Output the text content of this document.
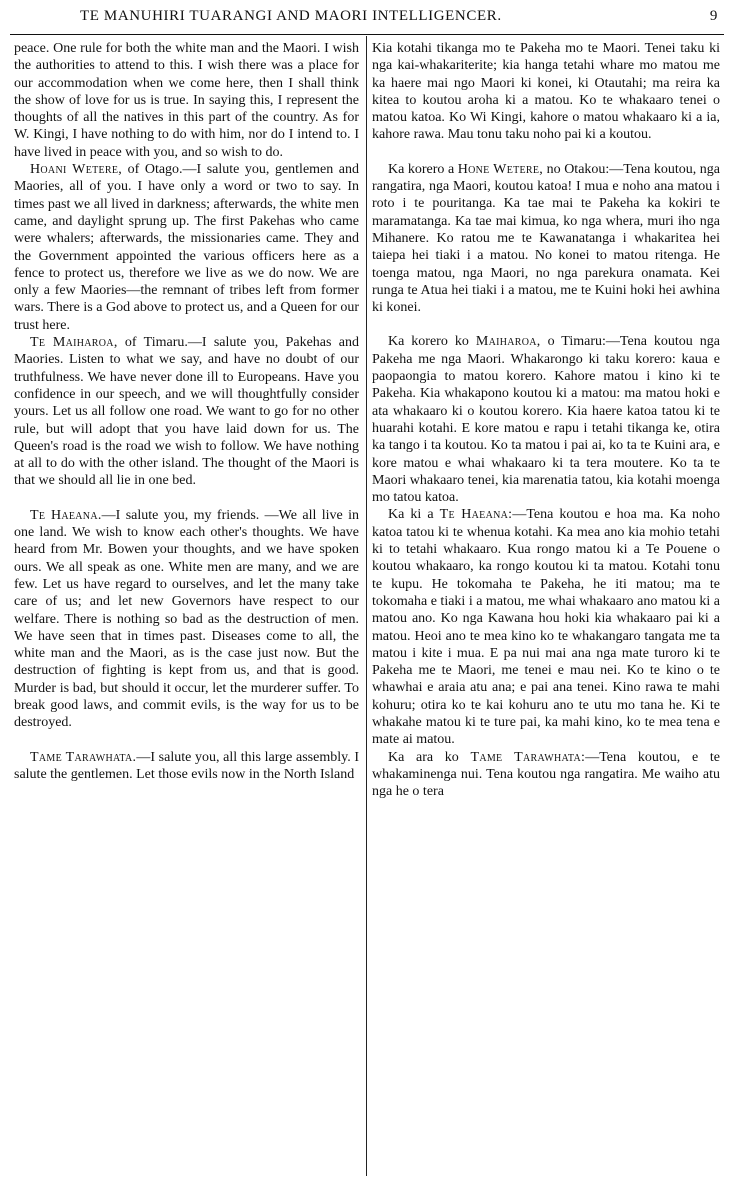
TE MANUHIRI TUARANGI AND MAORI INTELLIGENCER.	9

peace. One rule for both the white man and the Maori. I wish the authorities to attend to this. I wish there was a place for our accommodation when we come here, then I shall think the show of love for us is true. In saying this, I represent the thoughts of all the natives in this part of the country. As for W. Kingi, I have nothing to do with him, nor do I intend to. I have lived in peace with you, and so wish to do.

Hoani Wetere, of Otago.—I salute you, gentlemen and Maories, all of you. I have only a word or two to say. In times past we all lived in darkness; afterwards, the white men came, and daylight sprung up. The first Pakehas who came were whalers; afterwards, the missionaries came. They and the Government appointed the various officers here as a fence to protect us, therefore we live as we do now. We are only a few Maories—the remnant of tribes left from former wars. There is a God above to protect us, and a Queen for our trust here.

Te Maiharoa, of Timaru.—I salute you, Pakehas and Maories. Listen to what we say, and have no doubt of our truthfulness. We have never done ill to Europeans. Have you confidence in our speech, and we will thoughtfully consider yours. Let us all follow one road. We want to go for no other rule, but will adopt that you have laid down for us. The Queen's road is the road we wish to follow. We have nothing at all to do with the other island. The thought of the Maori is that we should all lie in one bed.

Te Haeana.—I salute you, my friends. —We all live in one land. We wish to know each other's thoughts. We have heard from Mr. Bowen your thoughts, and we have spoken ours. We all speak as one. White men are many, and we are few. Let us have regard to ourselves, and let the many take care of us; and let new Governors have respect to our welfare. There is nothing so bad as the destruction of men. We have seen that in times past. Diseases come to all, the white man and the Maori, as is the case just now. But the destruction of fighting is kept from us, and that is good. Murder is bad, but should it occur, let the murderer suffer. To break good laws, and commit evils, is the way for us to be destroyed.

Tame Tarawhata.—I salute you, all this large assembly. I salute the gentlemen. Let those evils now in the North Island

Kia kotahi tikanga mo te Pakeha mo te Maori. Tenei taku ki nga kai-whakariterite; kia hanga tetahi whare mo matou me ka haere mai ngo Maori ki konei, ki Otautahi; ma reira ka kitea to koutou aroha ki a matou. Ko te whakaaro tenei o matou katoa. Ko Wi Kingi, kahore o matou whakaaro ki a ia, kahore rawa. Mau tonu taku noho pai ki a koutou.

Ka korero a Hone Wetere, no Otakou:—Tena koutou, nga rangatira, nga Maori, koutou katoa! I mua e noho ana matou i roto i te pouritanga. Ka tae mai te Pakeha ka kokiri te maramatanga. Ka tae mai kimua, ko nga whera, muri iho nga Mihanere. Ko ratou me te Kawanatanga i whakaritea hei taiepa hei tiaki i a matou. No konei to matou ritenga. He toenga matou, nga Maori, no nga parekura onamata. Kei runga te Atua hei tiaki i a matou, me te Kuini hoki hei awhina ki konei.

Ka korero ko Maiharoa, o Timaru:—Tena koutou nga Pakeha me nga Maori. Whakarongo ki taku korero: kaua e paopaongia to matou korero. Kahore matou i kino ki te Pakeha. Kia whakapono koutou ki a matou: ma matou hoki e ata whakaaro ki o koutou korero. Kia haere katoa tatou ki te huarahi kotahi. E kore matou e rapu i tetahi tikanga ke, otira ka tango i ta koutou. Ko ta matou i pai ai, ko ta te Kuini ara, e kore matou e whai whakaaro ki ta tera moutere. Ko ta te Maori whakaaro tenei, kia marenatia tatou, kia kotahi moenga mo tatou katoa.

Ka ki a Te Haeana:—Tena koutou e hoa ma. Ka noho katoa tatou ki te whenua kotahi. Ka mea ano kia mohio tetahi ki to tetahi whakaaro. Kua rongo matou ki a Te Pouene o koutou whakaaro, ka rongo koutou ki ta matou. Kotahi tonu te kupu. He tokomaha te Pakeha, he iti matou; ma te tokomaha e tiaki i a matou, me whai whakaaro ano matou ki a matou ano. Ko nga Kawana hou hoki kia whakaaro pai ki a matou. Heoi ano te mea kino ko te whakangaro tangata me ta matou i kite i mua. E pa nui mai ana nga mate turoro ki te Pakeha me te Maori, me tenei e mau nei. Ko te kino o te whawhai e araia atu ana; e pai ana tenei. Kino rawa te mahi kohuru; otira ko te kai kohuru ano te utu mo tana he. Ki te whakahe matou ki te ture pai, ka mahi kino, ko te mea tena e mate ai matou.

Ka ara ko Tame Tarawhata:—Tena koutou, e te whakaminenga nui. Tena koutou nga rangatira. Me waiho atu nga he o tera
